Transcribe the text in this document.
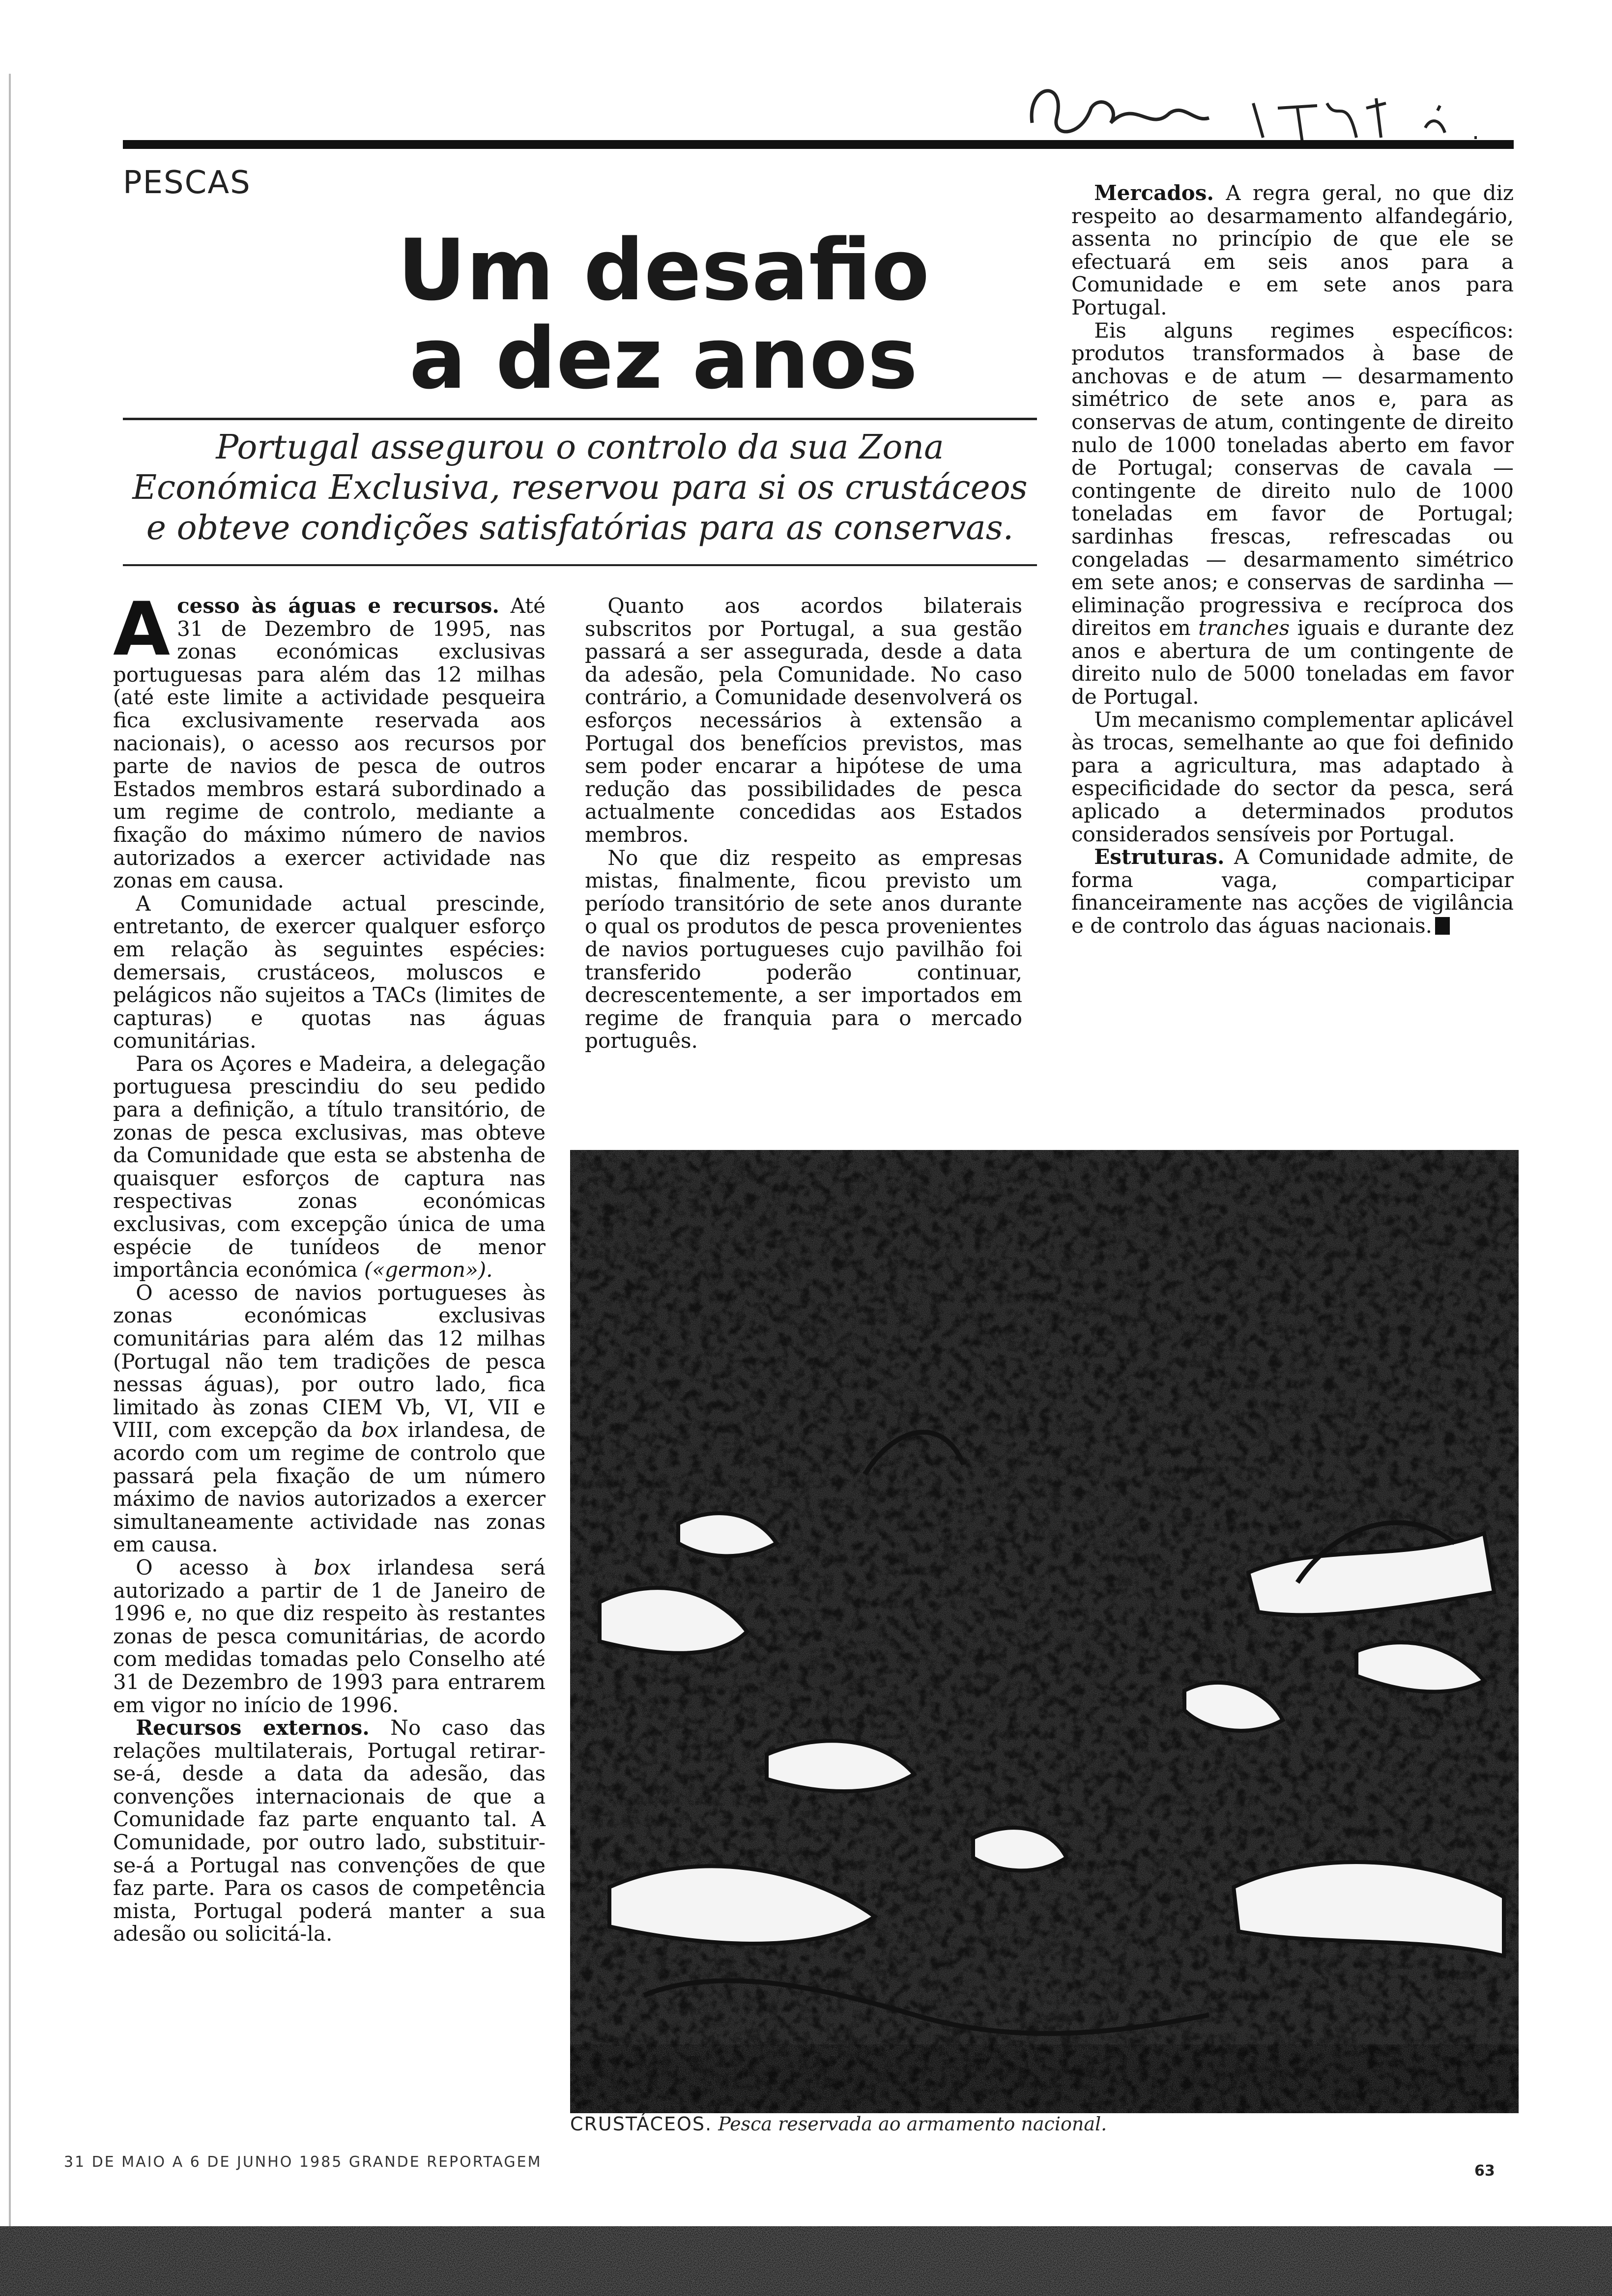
PESCAS
Um desafio
a dez anos
Portugal assegurou o controlo da sua Zona Económica Exclusiva, reservou para si os crustáceos e obteve condições satisfatórias para as conservas.

Acesso às águas e recursos. Até 31 de Dezembro de 1995, nas zonas económicas exclusivas portuguesas para além das 12 milhas (até este limite a actividade pesqueira fica exclusivamente reservada aos nacionais), o acesso aos recursos por parte de navios de pesca de outros Estados membros estará subordinado a um regime de controlo, mediante a fixação do máximo número de navios autorizados a exercer actividade nas zonas em causa.

A Comunidade actual prescinde, entretanto, de exercer qualquer esforço em relação às seguintes espécies: demersais, crustáceos, moluscos e pelágicos não sujeitos a TACs (limites de capturas) e quotas nas águas comunitárias.

Para os Açores e Madeira, a delegação portuguesa prescindiu do seu pedido para a definição, a título transitório, de zonas de pesca exclusivas, mas obteve da Comunidade que esta se abstenha de quaisquer esforços de captura nas respectivas zonas económicas exclusivas, com excepção única de uma espécie de tunídeos de menor importância económica («germon»).

O acesso de navios portugueses às zonas económicas exclusivas comunitárias para além das 12 milhas (Portugal não tem tradições de pesca nessas águas), por outro lado, fica limitado às zonas CIEM Vb, VI, VII e VIII, com excepção da box irlandesa, de acordo com um regime de controlo que passará pela fixação de um número máximo de navios autorizados a exercer simultaneamente actividade nas zonas em causa.

O acesso à box irlandesa será autorizado a partir de 1 de Janeiro de 1996 e, no que diz respeito às restantes zonas de pesca comunitárias, de acordo com medidas tomadas pelo Conselho até 31 de Dezembro de 1993 para entrarem em vigor no início de 1996.

Recursos externos. No caso das relações multilaterais, Portugal retirar-se-á, desde a data da adesão, das convenções internacionais de que a Comunidade faz parte enquanto tal. A Comunidade, por outro lado, substituir-se-á a Portugal nas convenções de que faz parte. Para os casos de competência mista, Portugal poderá manter a sua adesão ou solicitá-la.

Quanto aos acordos bilaterais subscritos por Portugal, a sua gestão passará a ser assegurada, desde a data da adesão, pela Comunidade. No caso contrário, a Comunidade desenvolverá os esforços necessários à extensão a Portugal dos benefícios previstos, mas sem poder encarar a hipótese de uma redução das possibilidades de pesca actualmente concedidas aos Estados membros.

No que diz respeito as empresas mistas, finalmente, ficou previsto um período transitório de sete anos durante o qual os produtos de pesca provenientes de navios portugueses cujo pavilhão foi transferido poderão continuar, decrescentemente, a ser importados em regime de franquia para o mercado português.

Mercados. A regra geral, no que diz respeito ao desarmamento alfandegário, assenta no princípio de que ele se efectuará em seis anos para a Comunidade e em sete anos para Portugal.

Eis alguns regimes específicos: produtos transformados à base de anchovas e de atum — desarmamento simétrico de sete anos e, para as conservas de atum, contingente de direito nulo de 1000 toneladas aberto em favor de Portugal; conservas de cavala — contingente de direito nulo de 1000 toneladas em favor de Portugal; sardinhas frescas, refrescadas ou congeladas — desarmamento simétrico em sete anos; e conservas de sardinha — eliminação progressiva e recíproca dos direitos em tranches iguais e durante dez anos e abertura de um contingente de direito nulo de 5000 toneladas em favor de Portugal.

Um mecanismo complementar aplicável às trocas, semelhante ao que foi definido para a agricultura, mas adaptado à especificidade do sector da pesca, será aplicado a determinados produtos considerados sensíveis por Portugal.

Estruturas. A Comunidade admite, de forma vaga, comparticipar financeiramente nas acções de vigilância e de controlo das águas nacionais.

CRUSTÁCEOS. Pesca reservada ao armamento nacional.
31 DE MAIO A 6 DE JUNHO 1985 GRANDE REPORTAGEM
63
